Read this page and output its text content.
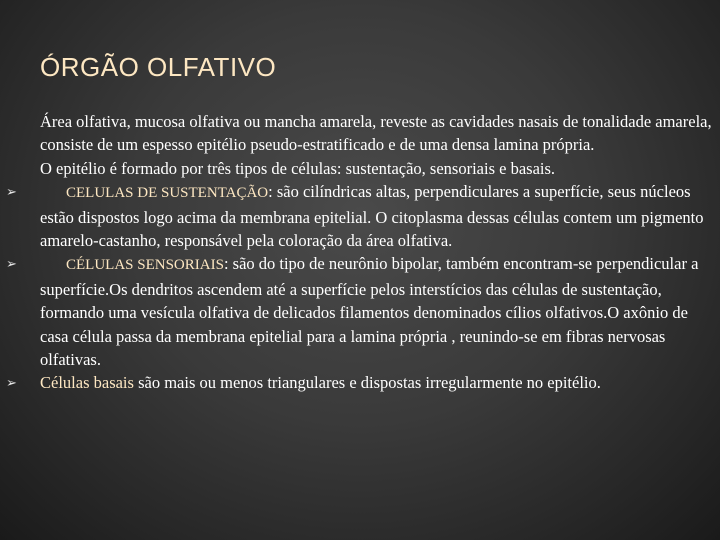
ÓRGÃO OLFATIVO

Área olfativa, mucosa olfativa ou mancha amarela, reveste as cavidades nasais de tonalidade amarela, consiste de um espesso epitélio pseudo-estratificado e de uma densa lamina própria.

O epitélio é formado por três tipos de células: sustentação, sensoriais e basais.

➢	CELULAS DE SUSTENTAÇÃO: são cilíndricas altas, perpendiculares a superfície, seus núcleos estão dispostos logo acima da membrana epitelial. O citoplasma dessas células contem um pigmento amarelo-castanho, responsável pela coloração da área olfativa.

➢	CÉLULAS SENSORIAIS: são do tipo de neurônio bipolar, também encontram-se perpendicular a superfície.Os dendritos ascendem até a superfície pelos interstícios das células de sustentação, formando uma vesícula olfativa de delicados filamentos denominados cílios olfativos.O axônio de casa célula passa da membrana epitelial para a lamina própria , reunindo-se em fibras nervosas olfativas.

➢ Células basais são mais ou menos triangulares e dispostas irregularmente no epitélio.
